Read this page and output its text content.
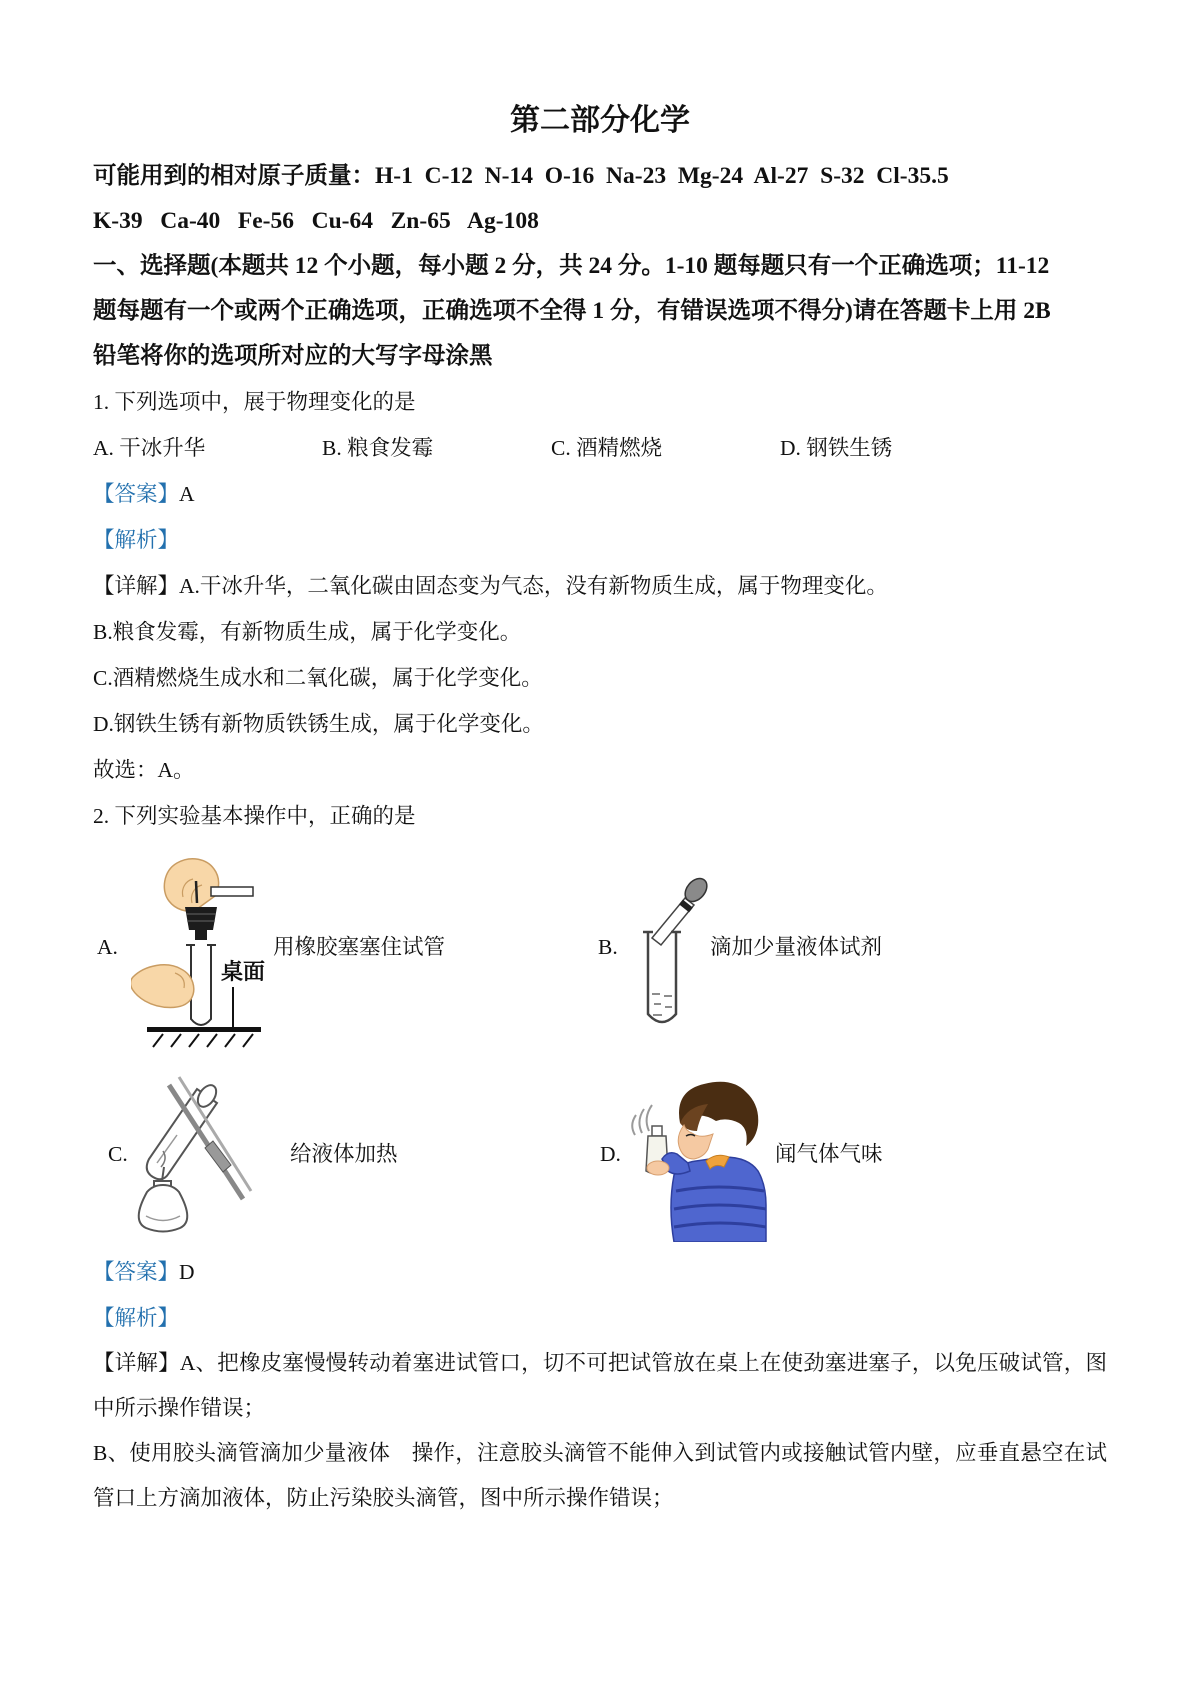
第二部分化学
可能用到的相对原子质量：H-1  C-12  N-14  O-16  Na-23  Mg-24  Al-27  S-32  Cl-35.5
K-39   Ca-40   Fe-56   Cu-64   Zn-65   Ag-108
一、选择题(本题共 12 个小题，每小题 2 分，共 24 分。1-10 题每题只有一个正确选项；11-12
题每题有一个或两个正确选项，正确选项不全得 1 分，有错误选项不得分)请在答题卡上用 2B
铅笔将你的选项所对应的大写字母涂黑
1. 下列选项中，展于物理变化的是
A. 干冰升华	B. 粮食发霉	C. 酒精燃烧	D. 钢铁生锈
【答案】A
【解析】
【详解】A.干冰升华，二氧化碳由固态变为气态，没有新物质生成，属于物理变化。
B.粮食发霉，有新物质生成，属于化学变化。
C.酒精燃烧生成水和二氧化碳，属于化学变化。
D.钢铁生锈有新物质铁锈生成，属于化学变化。
故选：A。
2. 下列实验基本操作中，正确的是
A.
桌面
用橡胶塞塞住试管	B.	滴加少量液体试剂
C.	给液体加热	D.	闻气体气味
【答案】D
【解析】

【详解】A、把橡皮塞慢慢转动着塞进试管口，切不可把试管放在桌上在使劲塞进塞子，以免压破试管，图中所示操作错误；

B、使用胶头滴管滴加少量液体　操作，注意胶头滴管不能伸入到试管内或接触试管内壁，应垂直悬空在试管口上方滴加液体，防止污染胶头滴管，图中所示操作错误；
